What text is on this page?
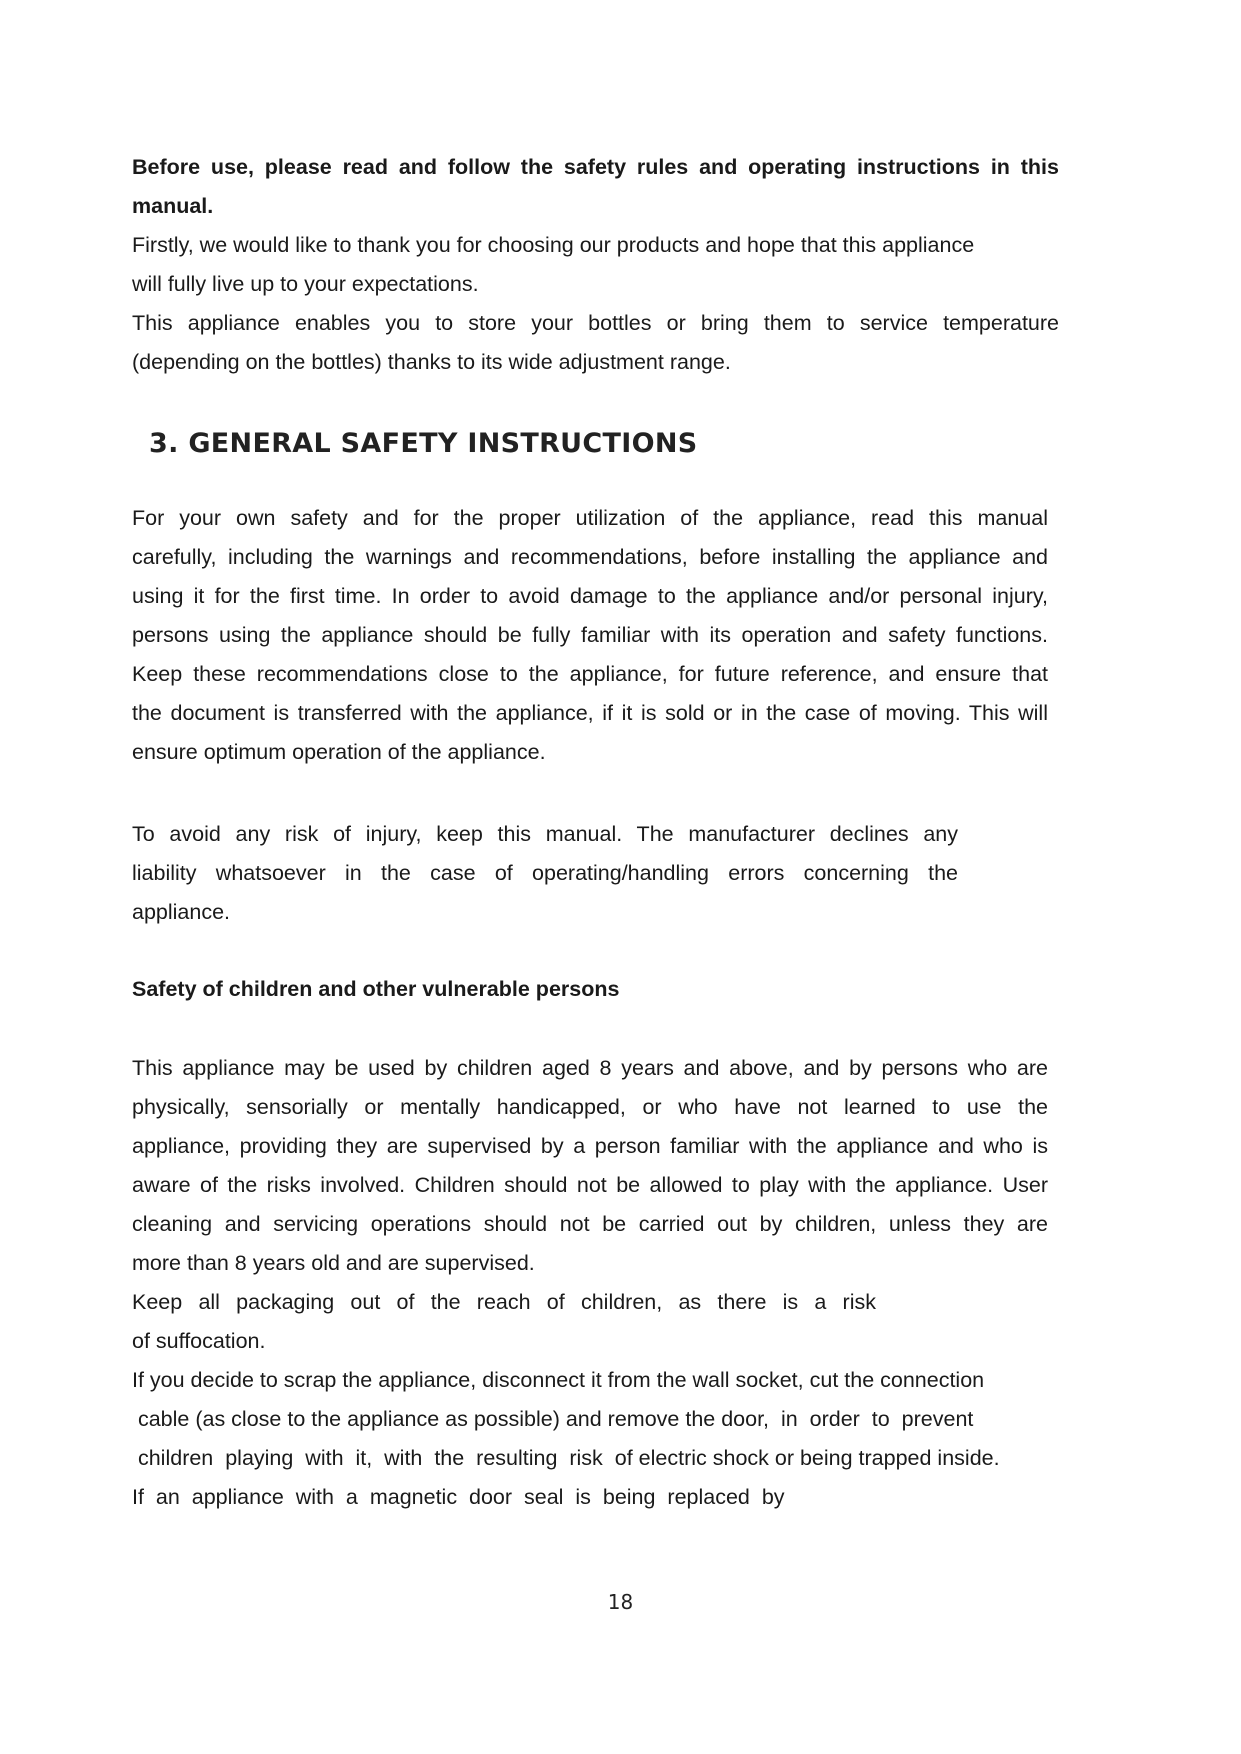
Before use, please read and follow the safety rules and operating instructions in this
manual.
Firstly, we would like to thank you for choosing our products and hope that this appliance
will fully live up to your expectations.
This appliance enables you to store your bottles or bring them to service temperature
(depending on the bottles) thanks to its wide adjustment range.
3. GENERAL SAFETY INSTRUCTIONS
For your own safety and for the proper utilization of the appliance, read this manual
carefully, including the warnings and recommendations, before installing the appliance and
using it for the first time. In order to avoid damage to the appliance and/or personal injury,
persons using the appliance should be fully familiar with its operation and safety functions.
Keep these recommendations close to the appliance, for future reference, and ensure that
the document is transferred with the appliance, if it is sold or in the case of moving. This will
ensure optimum operation of the appliance.
To avoid any risk of injury, keep this manual. The manufacturer declines any
liability whatsoever in the case of operating/handling errors concerning the
appliance.
Safety of children and other vulnerable persons
This appliance may be used by children aged 8 years and above, and by persons who are
physically, sensorially or mentally handicapped, or who have not learned to use the
appliance, providing they are supervised by a person familiar with the appliance and who is
aware of the risks involved. Children should not be allowed to play with the appliance. User
cleaning and servicing operations should not be carried out by children, unless they are
more than 8 years old and are supervised.
Keep all packaging out of the reach of children, as there is a risk
of suffocation.
If you decide to scrap the appliance, disconnect it from the wall socket, cut the connection
cable (as close to the appliance as possible) and remove the door,  in  order  to  prevent
children  playing  with  it,  with  the  resulting  risk  of electric shock or being trapped inside.
If  an  appliance  with  a  magnetic  door  seal  is  being  replaced  by
18
